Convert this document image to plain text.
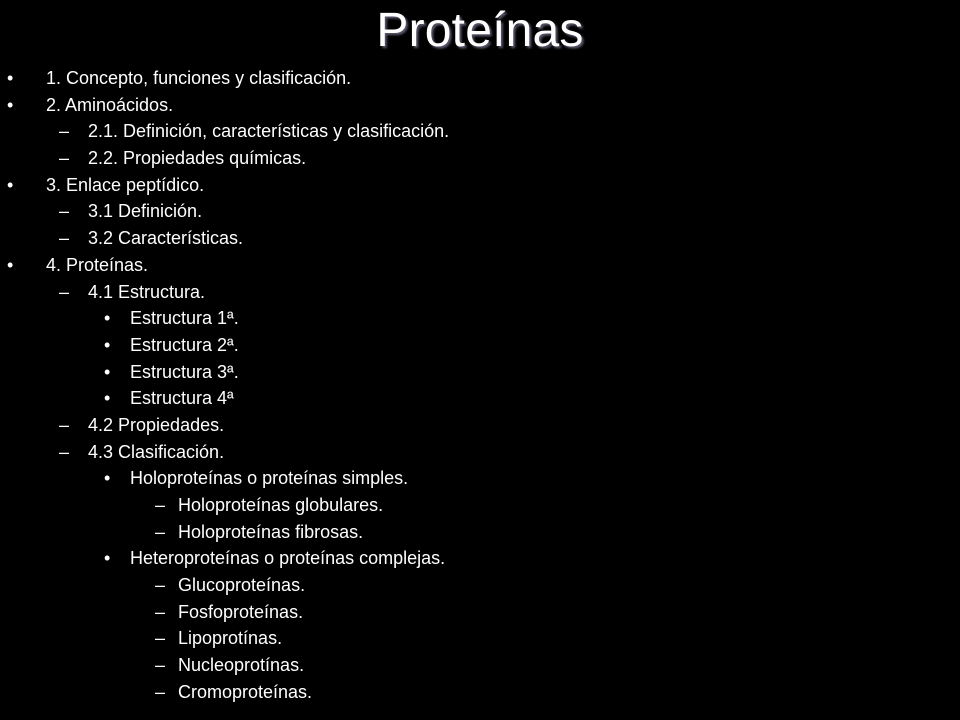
Proteínas
• 1. Concepto, funciones y clasificación.
• 2. Aminoácidos.
– 2.1. Definición, características y clasificación.
– 2.2. Propiedades químicas.
• 3. Enlace peptídico.
– 3.1 Definición.
– 3.2 Características.
• 4. Proteínas.
– 4.1 Estructura.
• Estructura 1ª.
• Estructura 2ª.
• Estructura 3ª.
• Estructura 4ª
– 4.2 Propiedades.
– 4.3 Clasificación.
• Holoproteínas o proteínas simples.
– Holoproteínas globulares.
– Holoproteínas fibrosas.
• Heteroproteínas o proteínas complejas.
– Glucoproteínas.
– Fosfoproteínas.
– Lipoprotínas.
– Nucleoprotínas.
– Cromoproteínas.
